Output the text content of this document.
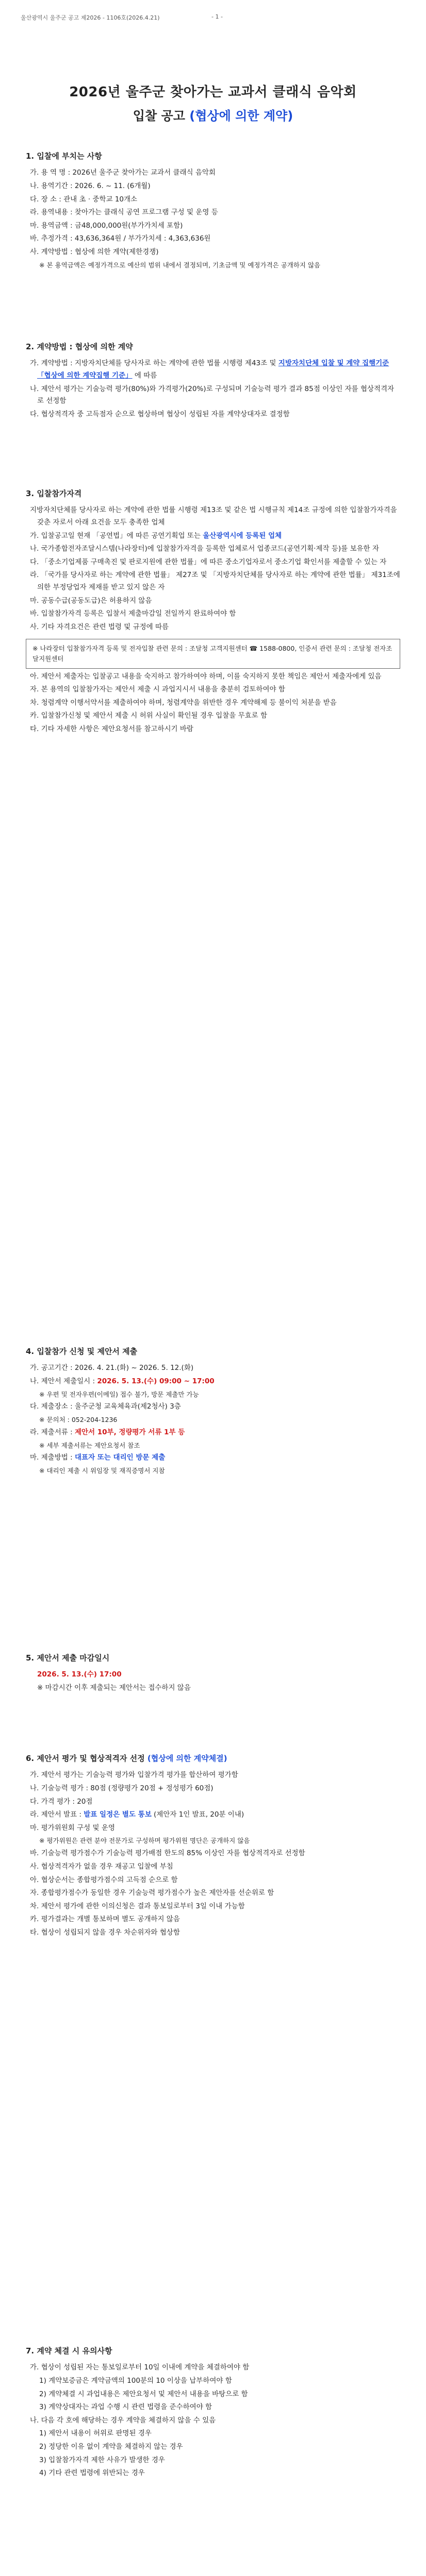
울산광역시 울주군 공고 제2026 - 1106호(2026.4.21)	- 1 -
2026년 울주군 찾아가는 교과서 클래식 음악회
입찰 공고 (협상에 의한 계약)
1. 입찰에 부치는 사항
가. 용 역 명 : 2026년 울주군 찾아가는 교과서 클래식 음악회
나. 용역기간 : 2026. 6. ~ 11. (6개월)
다. 장 소 : 관내 초 · 중학교 10개소
라. 용역내용 : 찾아가는 클래식 공연 프로그램 구성 및 운영 등
마. 용역금액 : 금48,000,000원(부가가치세 포함)
바. 추정가격 : 43,636,364원 / 부가가치세 : 4,363,636원
사. 계약방법 : 협상에 의한 계약(제한경쟁)
※ 본 용역금액은 예정가격으로 예산의 범위 내에서 결정되며, 기초금액 및 예정가격은 공개하지 않음
2. 계약방법 : 협상에 의한 계약
가. 계약방법 : 지방자치단체를 당사자로 하는 계약에 관한 법률 시행령 제43조 및 지방자치단체 입찰 및 계약 집행기준 「협상에 의한 계약집행 기준」 에 따름
나. 제안서 평가는 기술능력 평가(80%)와 가격평가(20%)로 구성되며 기술능력 평가 결과 85점 이상인 자를 협상적격자로 선정함
다. 협상적격자 중 고득점자 순으로 협상하며 협상이 성립된 자를 계약상대자로 결정함
3. 입찰참가자격
지방자치단체를 당사자로 하는 계약에 관한 법률 시행령 제13조 및 같은 법 시행규칙 제14조 규정에 의한 입찰참가자격을 갖춘 자로서 아래 요건을 모두 충족한 업체
가. 입찰공고일 현재 「공연법」에 따른 공연기획업 또는 울산광역시에 등록된 업체
나. 국가종합전자조달시스템(나라장터)에 입찰참가자격을 등록한 업체로서 업종코드(공연기획·제작 등)를 보유한 자
다. 「중소기업제품 구매촉진 및 판로지원에 관한 법률」에 따른 중소기업자로서 중소기업 확인서를 제출할 수 있는 자
라. 「국가를 당사자로 하는 계약에 관한 법률」 제27조 및 「지방자치단체를 당사자로 하는 계약에 관한 법률」 제31조에 의한 부정당업자 제재를 받고 있지 않은 자
마. 공동수급(공동도급)은 허용하지 않음
바. 입찰참가자격 등록은 입찰서 제출마감일 전일까지 완료하여야 함
사. 기타 자격요건은 관련 법령 및 규정에 따름
※ 나라장터 입찰참가자격 등록 및 전자입찰 관련 문의 : 조달청 고객지원센터 ☎ 1588-0800, 인증서 관련 문의 : 조달청 전자조달지원센터
아. 제안서 제출자는 입찰공고 내용을 숙지하고 참가하여야 하며, 이를 숙지하지 못한 책임은 제안서 제출자에게 있음
자. 본 용역의 입찰참가자는 제안서 제출 시 과업지시서 내용을 충분히 검토하여야 함
차. 청렴계약 이행서약서를 제출하여야 하며, 청렴계약을 위반한 경우 계약해제 등 불이익 처분을 받음
카. 입찰참가신청 및 제안서 제출 시 허위 사실이 확인될 경우 입찰을 무효로 함
타. 기타 자세한 사항은 제안요청서를 참고하시기 바람
4. 입찰참가 신청 및 제안서 제출
가. 공고기간 : 2026. 4. 21.(화) ~ 2026. 5. 12.(화)
나. 제안서 제출일시 : 2026. 5. 13.(수) 09:00 ~ 17:00
※ 우편 및 전자우편(이메일) 접수 불가, 방문 제출만 가능
다. 제출장소 : 울주군청 교육체육과(제2청사) 3층
※ 문의처 : 052-204-1236
라. 제출서류 : 제안서 10부, 정량평가 서류 1부 등
※ 세부 제출서류는 제안요청서 참조
마. 제출방법 : 대표자 또는 대리인 방문 제출
※ 대리인 제출 시 위임장 및 재직증명서 지참
5. 제안서 제출 마감일시
2026. 5. 13.(수) 17:00
※ 마감시간 이후 제출되는 제안서는 접수하지 않음
6. 제안서 평가 및 협상적격자 선정 (협상에 의한 계약체결)
가. 제안서 평가는 기술능력 평가와 입찰가격 평가를 합산하여 평가함
나. 기술능력 평가 : 80점 (정량평가 20점 + 정성평가 60점)
다. 가격 평가 : 20점
라. 제안서 발표 : 발표 일정은 별도 통보 (제안자 1인 발표, 20분 이내)
마. 평가위원회 구성 및 운영
※ 평가위원은 관련 분야 전문가로 구성하며 평가위원 명단은 공개하지 않음
바. 기술능력 평가점수가 기술능력 평가배점 한도의 85% 이상인 자를 협상적격자로 선정함
사. 협상적격자가 없을 경우 재공고 입찰에 부침
아. 협상순서는 종합평가점수의 고득점 순으로 함
자. 종합평가점수가 동일한 경우 기술능력 평가점수가 높은 제안자를 선순위로 함
차. 제안서 평가에 관한 이의신청은 결과 통보일로부터 3일 이내 가능함
카. 평가결과는 개별 통보하며 별도 공개하지 않음
타. 협상이 성립되지 않을 경우 차순위자와 협상함
7. 계약 체결 시 유의사항
가. 협상이 성립된 자는 통보일로부터 10일 이내에 계약을 체결하여야 함
1) 계약보증금은 계약금액의 100분의 10 이상을 납부하여야 함
2) 계약체결 시 과업내용은 제안요청서 및 제안서 내용을 바탕으로 함
3) 계약상대자는 과업 수행 시 관련 법령을 준수하여야 함
나. 다음 각 호에 해당하는 경우 계약을 체결하지 않을 수 있음
1) 제안서 내용이 허위로 판명된 경우
2) 정당한 이유 없이 계약을 체결하지 않는 경우
3) 입찰참가자격 제한 사유가 발생한 경우
4) 기타 관련 법령에 위반되는 경우
